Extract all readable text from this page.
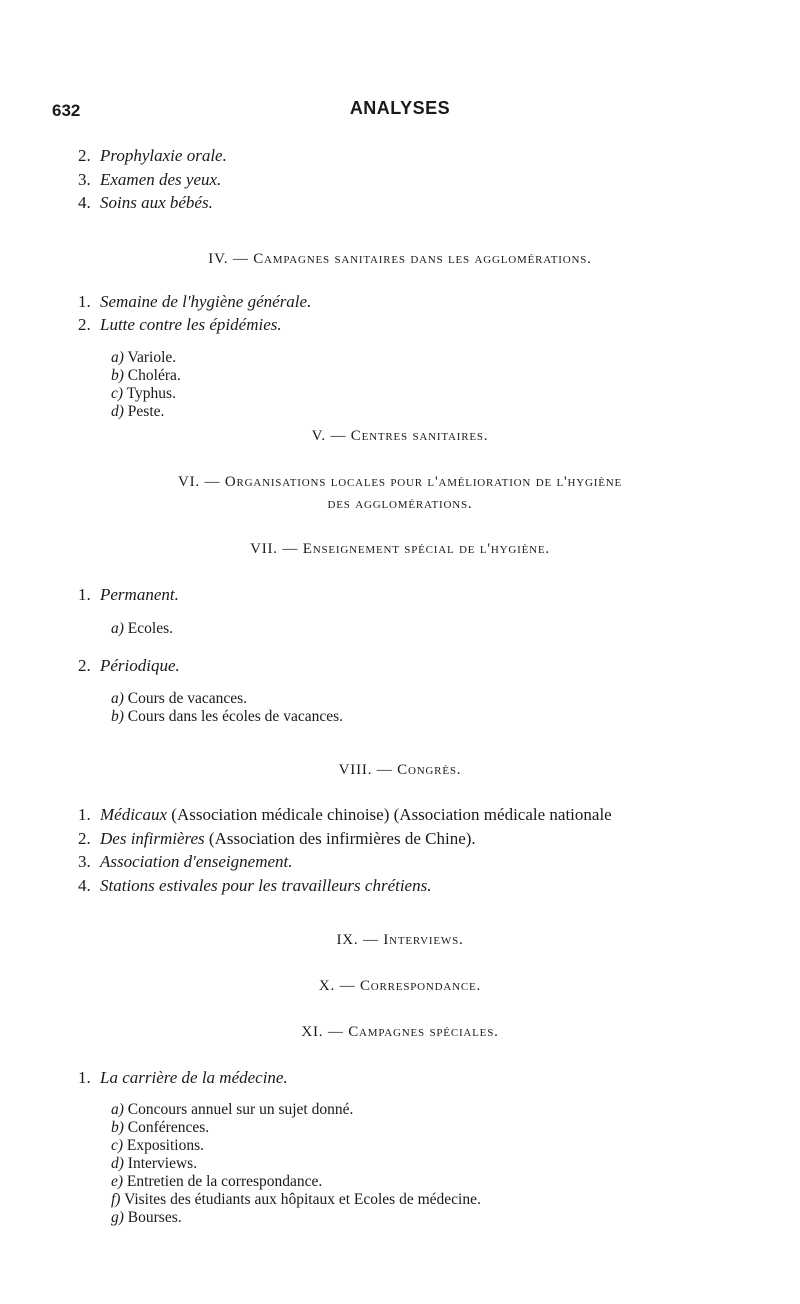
632	ANALYSES
2. Prophylaxie orale.
3. Examen des yeux.
4. Soins aux bébés.
IV. — Campagnes sanitaires dans les agglomérations.
1. Semaine de l'hygiène générale.
2. Lutte contre les épidémies.
a) Variole.
b) Choléra.
c) Typhus.
d) Peste.
V. — Centres sanitaires.
VI. — Organisations locales pour l'amélioration de l'hygiène
des agglomérations.
VII. — Enseignement spécial de l'hygiène.
1. Permanent.
a) Ecoles.
2. Périodique.
a) Cours de vacances.
b) Cours dans les écoles de vacances.
VIII. — Congrès.
1. Médicaux (Association médicale chinoise) (Association médicale nationale
2. Des infirmières (Association des infirmières de Chine).
3. Association d'enseignement.
4. Stations estivales pour les travailleurs chrétiens.
IX. — Interviews.
X. — Correspondance.
XI. — Campagnes spéciales.
1. La carrière de la médecine.
a) Concours annuel sur un sujet donné.
b) Conférences.
c) Expositions.
d) Interviews.
e) Entretien de la correspondance.
f) Visites des étudiants aux hôpitaux et Ecoles de médecine.
g) Bourses.
